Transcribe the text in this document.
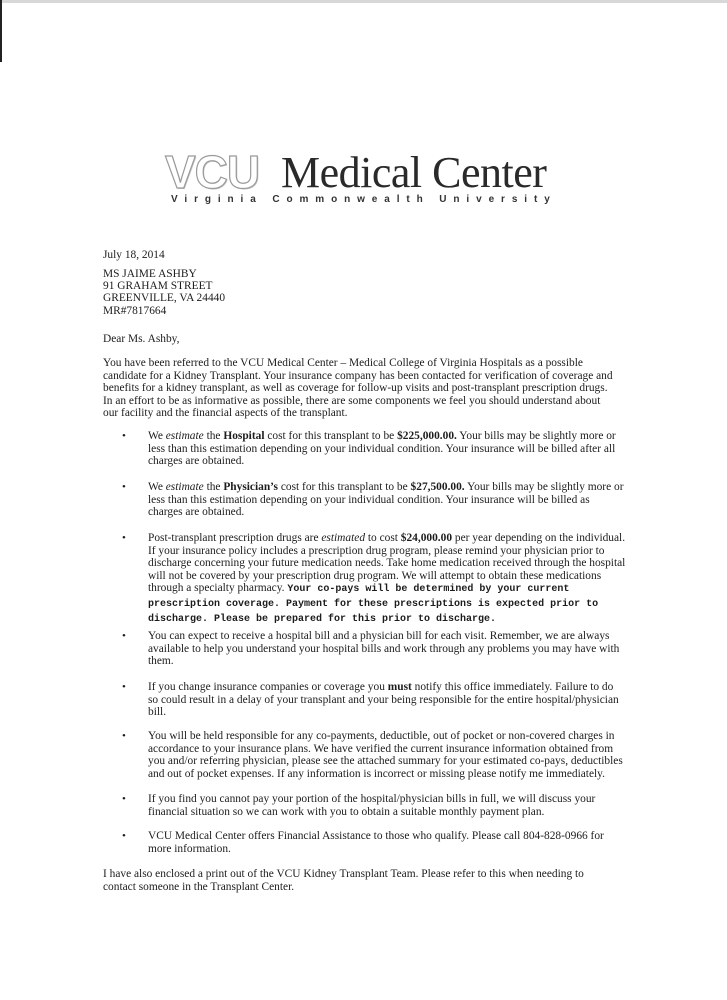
VCU Medical Center
Virginia Commonwealth University
July 18, 2014
MS JAIME ASHBY
91 GRAHAM STREET
GREENVILLE, VA 24440
MR#7817664
Dear Ms. Ashby,
You have been referred to the VCU Medical Center – Medical College of Virginia Hospitals as a possible candidate for a Kidney Transplant. Your insurance company has been contacted for verification of coverage and benefits for a kidney transplant, as well as coverage for follow-up visits and post-transplant prescription drugs. In an effort to be as informative as possible, there are some components we feel you should understand about our facility and the financial aspects of the transplant.
• We estimate the Hospital cost for this transplant to be $225,000.00. Your bills may be slightly more or less than this estimation depending on your individual condition. Your insurance will be billed after all charges are obtained.
• We estimate the Physician’s cost for this transplant to be $27,500.00. Your bills may be slightly more or less than this estimation depending on your individual condition. Your insurance will be billed as charges are obtained.
• Post-transplant prescription drugs are estimated to cost $24,000.00 per year depending on the individual. If your insurance policy includes a prescription drug program, please remind your physician prior to discharge concerning your future medication needs. Take home medication received through the hospital will not be covered by your prescription drug program. We will attempt to obtain these medications through a specialty pharmacy. Your co-pays will be determined by your current prescription coverage. Payment for these prescriptions is expected prior to discharge. Please be prepared for this prior to discharge.
• You can expect to receive a hospital bill and a physician bill for each visit. Remember, we are always available to help you understand your hospital bills and work through any problems you may have with them.
• If you change insurance companies or coverage you must notify this office immediately. Failure to do so could result in a delay of your transplant and your being responsible for the entire hospital/physician bill.
• You will be held responsible for any co-payments, deductible, out of pocket or non-covered charges in accordance to your insurance plans. We have verified the current insurance information obtained from you and/or referring physician, please see the attached summary for your estimated co-pays, deductibles and out of pocket expenses. If any information is incorrect or missing please notify me immediately.
• If you find you cannot pay your portion of the hospital/physician bills in full, we will discuss your financial situation so we can work with you to obtain a suitable monthly payment plan.
• VCU Medical Center offers Financial Assistance to those who qualify. Please call 804-828-0966 for more information.
I have also enclosed a print out of the VCU Kidney Transplant Team. Please refer to this when needing to contact someone in the Transplant Center.
